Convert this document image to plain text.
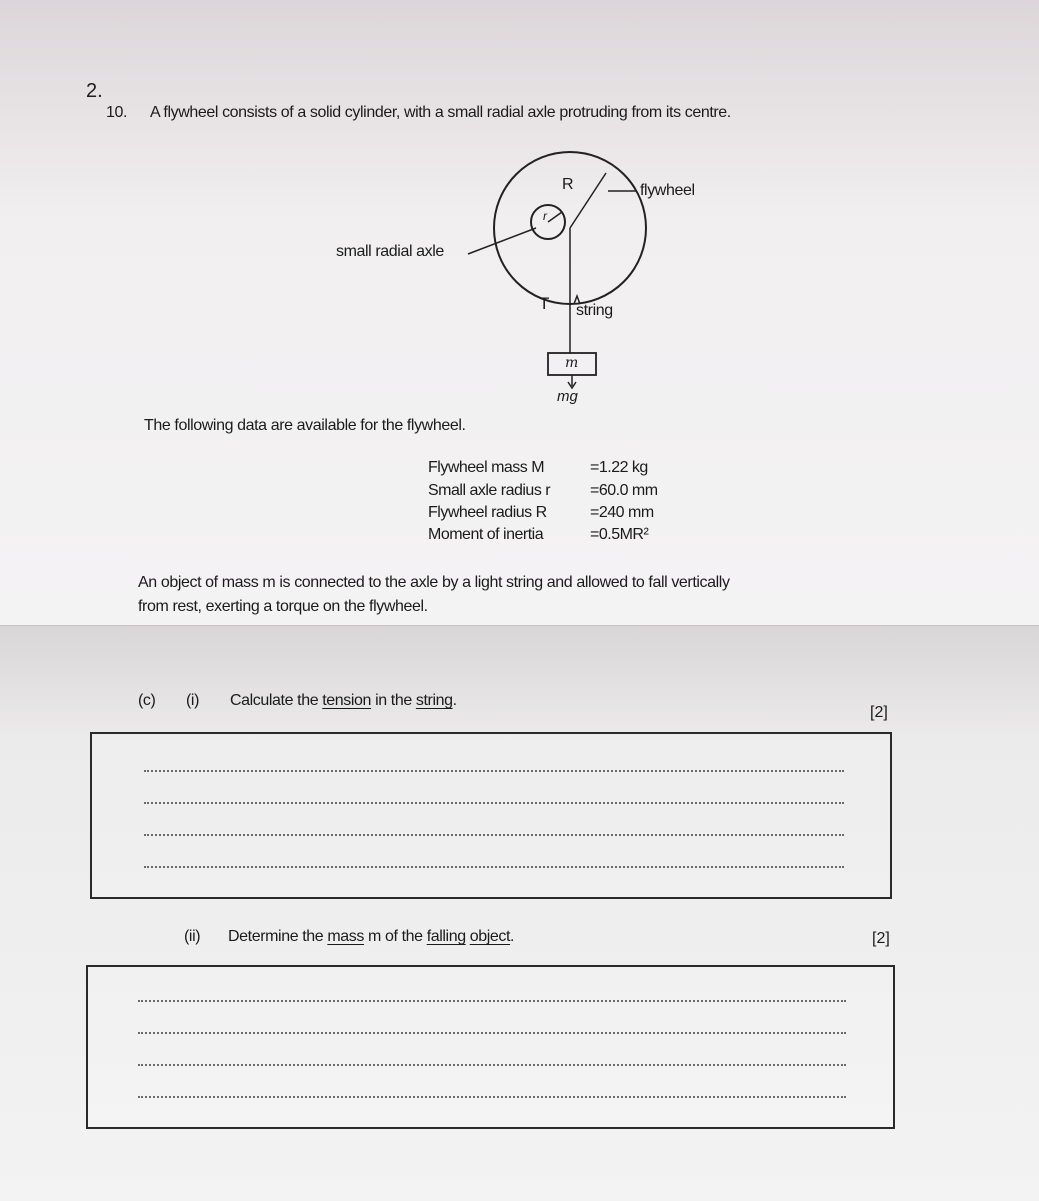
2.
10. A flywheel consists of a solid cylinder, with a small radial axle protruding from its centre.
R
r
flywheel
small radial axle
T string
m
mg
The following data are available for the flywheel.
Flywheel mass M	=1.22 kg
Small axle radius r =60.0 mm
Flywheel radius R	=240 mm
Moment of inertia	=0.5MR²
An object of mass m is connected to the axle by a light string and allowed to fall vertically
from rest, exerting a torque on the flywheel.
(c) (i) Calculate the tension in the string.
[2]
(ii) Determine the mass m of the falling object.	[2]
